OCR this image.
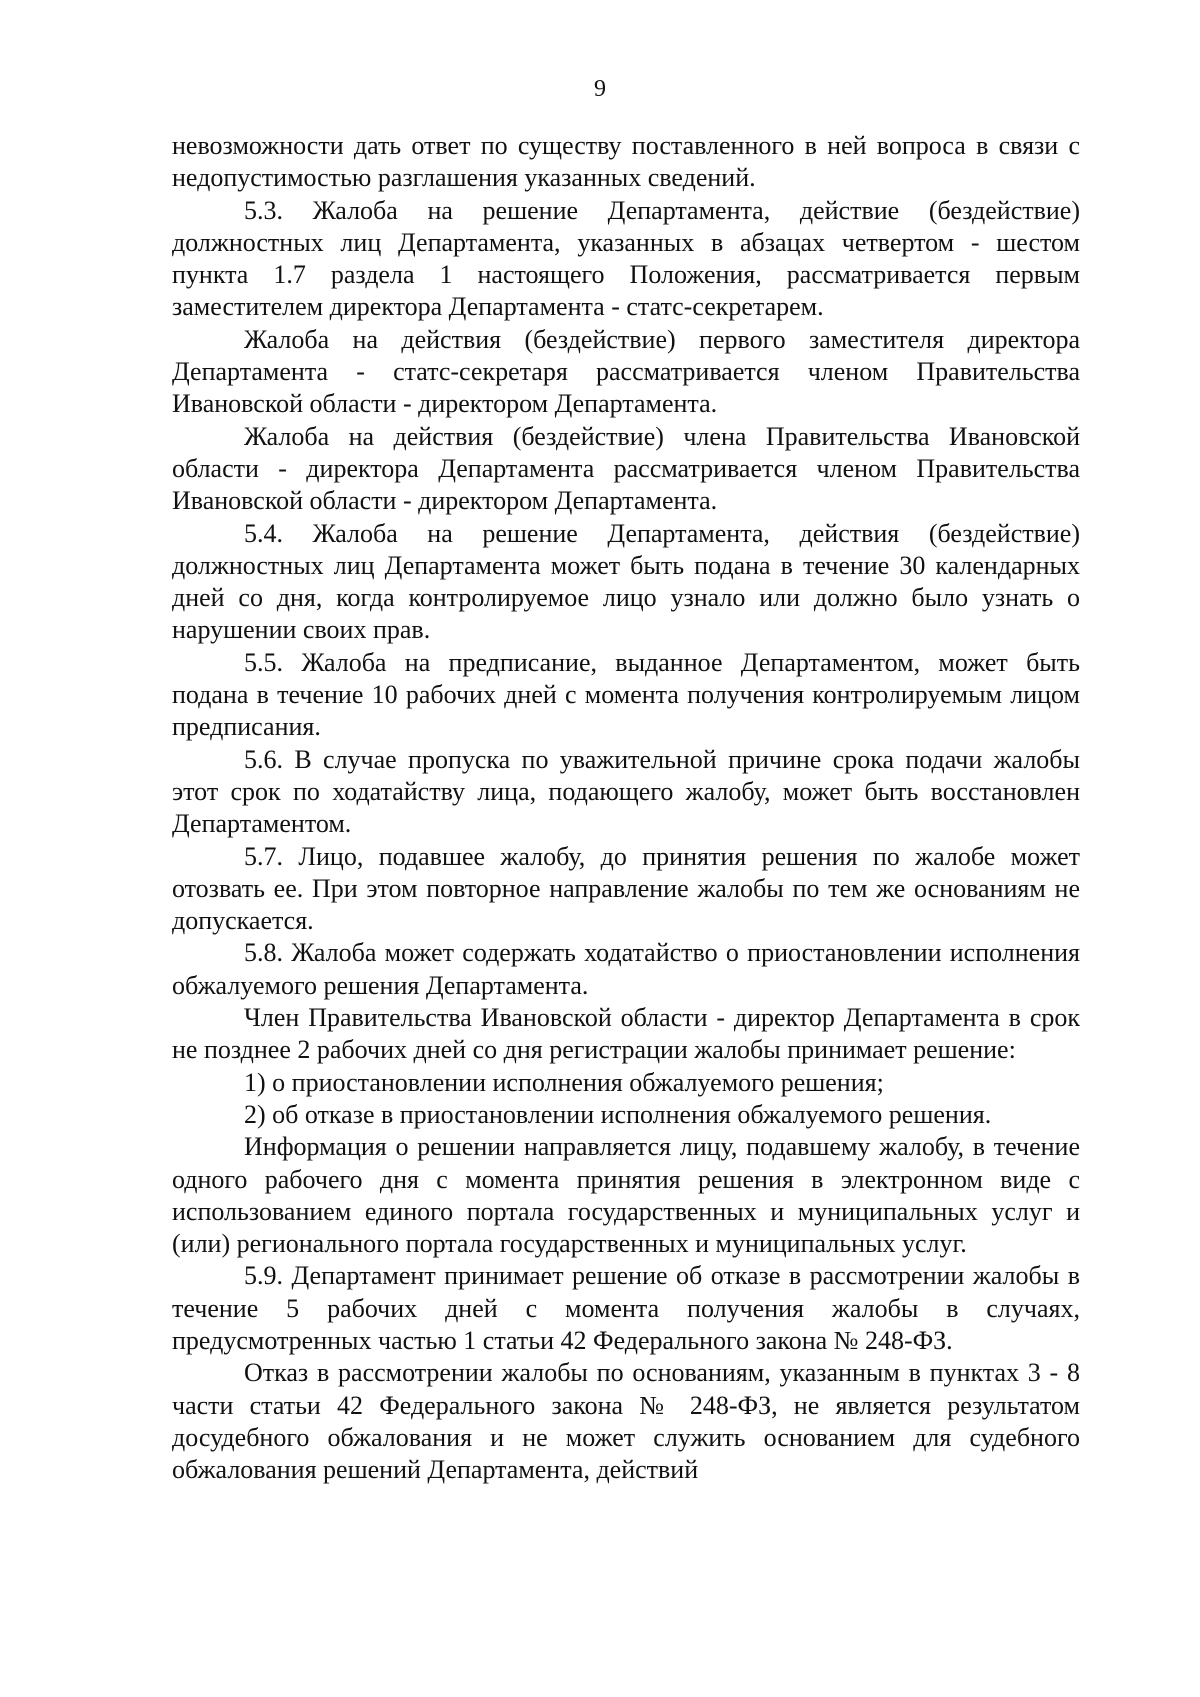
9

невозможности дать ответ по существу поставленного в ней вопроса в связи с недопустимостью разглашения указанных сведений.

5.3. Жалоба на решение Департамента, действие (бездействие) должностных лиц Департамента, указанных в абзацах четвертом - шестом пункта 1.7 раздела 1 настоящего Положения, рассматривается первым заместителем директора Департамента - статс-секретарем.

Жалоба на действия (бездействие) первого заместителя директора Департамента - статс-секретаря рассматривается членом Правительства Ивановской области - директором Департамента.

Жалоба на действия (бездействие) члена Правительства Ивановской области - директора Департамента рассматривается членом Правительства Ивановской области - директором Департамента.

5.4. Жалоба на решение Департамента, действия (бездействие) должностных лиц Департамента может быть подана в течение 30 календарных дней со дня, когда контролируемое лицо узнало или должно было узнать о нарушении своих прав.

5.5. Жалоба на предписание, выданное Департаментом, может быть подана в течение 10 рабочих дней с момента получения контролируемым лицом предписания.

5.6. В случае пропуска по уважительной причине срока подачи жалобы этот срок по ходатайству лица, подающего жалобу, может быть восстановлен Департаментом.

5.7. Лицо, подавшее жалобу, до принятия решения по жалобе может отозвать ее. При этом повторное направление жалобы по тем же основаниям не допускается.

5.8. Жалоба может содержать ходатайство о приостановлении исполнения обжалуемого решения Департамента.

Член Правительства Ивановской области - директор Департамента в срок не позднее 2 рабочих дней со дня регистрации жалобы принимает решение:

1) о приостановлении исполнения обжалуемого решения;

2) об отказе в приостановлении исполнения обжалуемого решения.

Информация о решении направляется лицу, подавшему жалобу, в течение одного рабочего дня с момента принятия решения в электронном виде с использованием единого портала государственных и муниципальных услуг и (или) регионального портала государственных и муниципальных услуг.

5.9. Департамент принимает решение об отказе в рассмотрении жалобы в течение 5 рабочих дней с момента получения жалобы в случаях, предусмотренных частью 1 статьи 42 Федерального закона № 248-ФЗ.

Отказ в рассмотрении жалобы по основаниям, указанным в пунктах 3 - 8 части статьи 42 Федерального закона № 248-ФЗ, не является результатом досудебного обжалования и не может служить основанием для судебного обжалования решений Департамента, действий
